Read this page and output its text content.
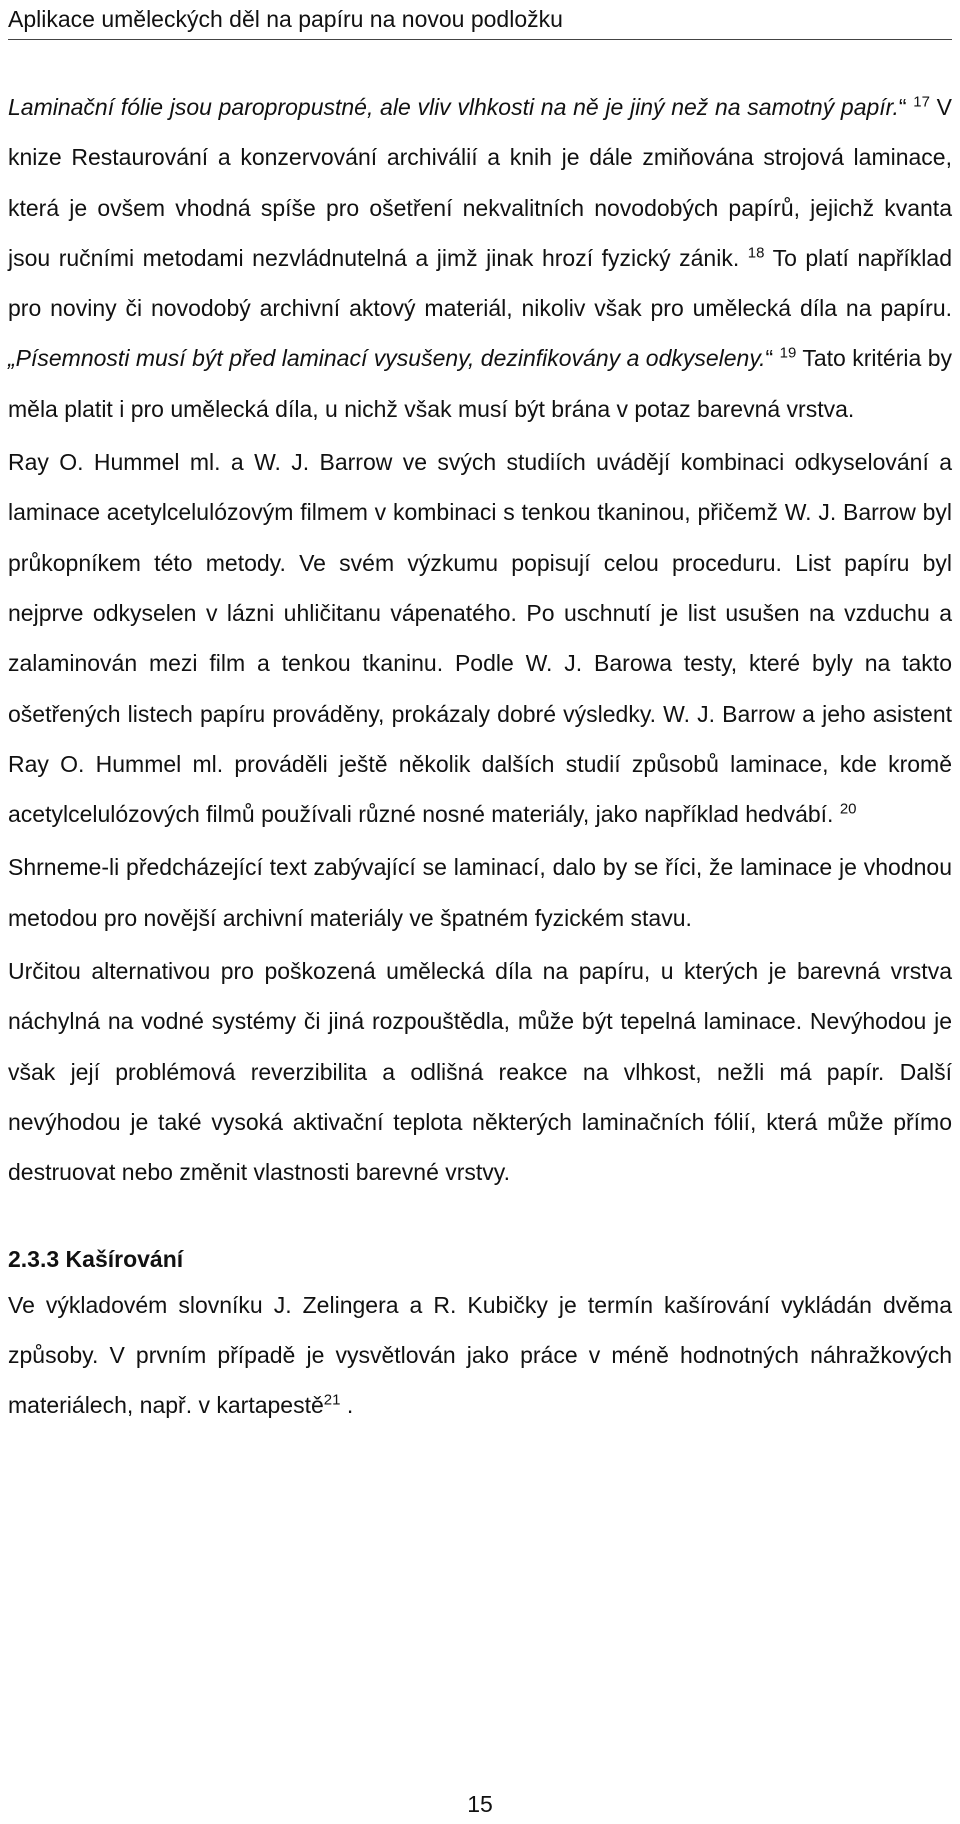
Aplikace uměleckých děl na papíru na novou podložku

Laminační fólie jsou paropropustné, ale vliv vlhkosti na ně je jiný než na samotný papír.“ $^{17}$ V knize Restaurování a konzervování archiválií a knih je dále zmiňována strojová laminace, která je ovšem vhodná spíše pro ošetření nekvalitních novodobých papírů, jejichž kvanta jsou ručními metodami nezvládnutelná a jimž jinak hrozí fyzický zánik. $^{18}$ To platí například pro noviny či novodobý archivní aktový materiál, nikoliv však pro umělecká díla na papíru. „Písemnosti musí být před laminací vysušeny, dezinfikovány a odkyseleny.“ $^{19}$ Tato kritéria by měla platit i pro umělecká díla, u nichž však musí být brána v potaz barevná vrstva.

Ray O. Hummel ml. a W. J. Barrow ve svých studiích uvádějí kombinaci odkyselování a laminace acetylcelulózovým filmem v kombinaci s tenkou tkaninou, přičemž W. J. Barrow byl průkopníkem této metody. Ve svém výzkumu popisují celou proceduru. List papíru byl nejprve odkyselen v lázni uhličitanu vápenatého. Po uschnutí je list usušen na vzduchu a zalaminován mezi film a tenkou tkaninu. Podle W. J. Barowa testy, které byly na takto ošetřených listech papíru prováděny, prokázaly dobré výsledky. W. J. Barrow a jeho asistent Ray O. Hummel ml. prováděli ještě několik dalších studií způsobů laminace, kde kromě acetylcelulózových filmů používali různé nosné materiály, jako například hedvábí. $^{20}$

Shrneme-li předcházející text zabývající se laminací, dalo by se říci, že laminace je vhodnou metodou pro novější archivní materiály ve špatném fyzickém stavu.

Určitou alternativou pro poškozená umělecká díla na papíru, u kterých je barevná vrstva náchylná na vodné systémy či jiná rozpouštědla, může být tepelná laminace. Nevýhodou je však její problémová reverzibilita a odlišná reakce na vlhkost, nežli má papír. Další nevýhodou je také vysoká aktivační teplota některých laminačních fólií, která může přímo destruovat nebo změnit vlastnosti barevné vrstvy.

2.3.3 Kašírování

Ve výkladovém slovníku J. Zelingera a R. Kubičky je termín kašírování vykládán dvěma způsoby. V prvním případě je vysvětlován jako práce v méně hodnotných náhražkových materiálech, např. v kartapestě$^{21}$ .

15
